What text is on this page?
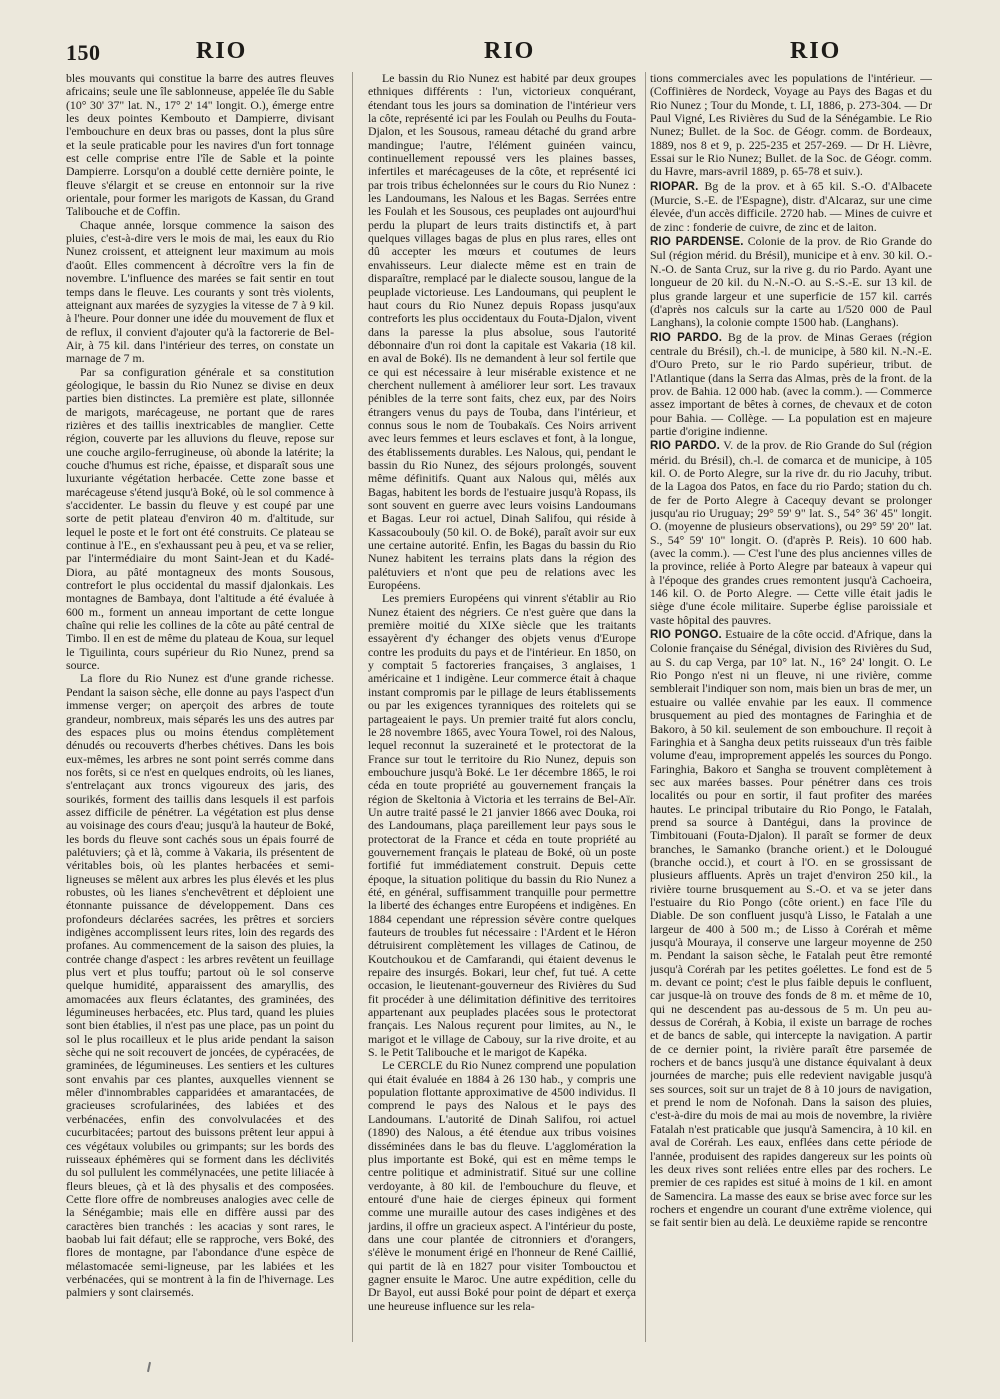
150	RIO	RIO	RIO

bles mouvants qui constitue la barre des autres fleuves africains; seule une île sablonneuse, appelée île du Sable (10° 30' 37" lat. N., 17° 2' 14" longit. O.), émerge entre les deux pointes Kembouto et Dampierre, divisant l'embouchure en deux bras ou passes, dont la plus sûre et la seule praticable pour les navires d'un fort tonnage est celle comprise entre l'île de Sable et la pointe Dampierre. Lorsqu'on a doublé cette dernière pointe, le fleuve s'élargit et se creuse en entonnoir sur la rive orientale, pour former les marigots de Kassan, du Grand Talibouche et de Coffin.

Chaque année, lorsque commence la saison des pluies, c'est-à-dire vers le mois de mai, les eaux du Rio Nunez croissent, et atteignent leur maximum au mois d'août. Elles commencent à décroître vers la fin de novembre. L'influence des marées se fait sentir en tout temps dans le fleuve. Les courants y sont très violents, atteignant aux marées de syzygies la vitesse de 7 à 9 kil. à l'heure. Pour donner une idée du mouvement de flux et de reflux, il convient d'ajouter qu'à la factorerie de Bel-Air, à 75 kil. dans l'intérieur des terres, on constate un marnage de 7 m.

Par sa configuration générale et sa constitution géologique, le bassin du Rio Nunez se divise en deux parties bien distinctes. La première est plate, sillonnée de marigots, marécageuse, ne portant que de rares rizières et des taillis inextricables de manglier. Cette région, couverte par les alluvions du fleuve, repose sur une couche argilo-ferrugineuse, où abonde la latérite; la couche d'humus est riche, épaisse, et disparaît sous une luxuriante végétation herbacée. Cette zone basse et marécageuse s'étend jusqu'à Boké, où le sol commence à s'accidenter. Le bassin du fleuve y est coupé par une sorte de petit plateau d'environ 40 m. d'altitude, sur lequel le poste et le fort ont été construits. Ce plateau se continue à l'E., en s'exhaussant peu à peu, et va se relier, par l'intermédiaire du mont Saint-Jean et du Kadé-Diora, au pâté montagneux des monts Sousous, contrefort le plus occidental du massif djalonkais. Les montagnes de Bambaya, dont l'altitude a été évaluée à 600 m., forment un anneau important de cette longue chaîne qui relie les collines de la côte au pâté central de Timbo. Il en est de même du plateau de Koua, sur lequel le Tiguilinta, cours supérieur du Rio Nunez, prend sa source.

La flore du Rio Nunez est d'une grande richesse. Pendant la saison sèche, elle donne au pays l'aspect d'un immense verger; on aperçoit des arbres de toute grandeur, nombreux, mais séparés les uns des autres par des espaces plus ou moins étendus complètement dénudés ou recouverts d'herbes chétives. Dans les bois eux-mêmes, les arbres ne sont point serrés comme dans nos forêts, si ce n'est en quelques endroits, où les lianes, s'entrelaçant aux troncs vigoureux des jaris, des sourikés, forment des taillis dans lesquels il est parfois assez difficile de pénétrer. La végétation est plus dense au voisinage des cours d'eau; jusqu'à la hauteur de Boké, les bords du fleuve sont cachés sous un épais fourré de palétuviers; çà et là, comme à Vakaria, ils présentent de véritables bois, où les plantes herbacées et semi-ligneuses se mêlent aux arbres les plus élevés et les plus robustes, où les lianes s'enchevêtrent et déploient une étonnante puissance de développement. Dans ces profondeurs déclarées sacrées, les prêtres et sorciers indigènes accomplissent leurs rites, loin des regards des profanes. Au commencement de la saison des pluies, la contrée change d'aspect : les arbres revêtent un feuillage plus vert et plus touffu; partout où le sol conserve quelque humidité, apparaissent des amaryllis, des amomacées aux fleurs éclatantes, des graminées, des légumineuses herbacées, etc. Plus tard, quand les pluies sont bien établies, il n'est pas une place, pas un point du sol le plus rocailleux et le plus aride pendant la saison sèche qui ne soit recouvert de joncées, de cypéracées, de graminées, de légumineuses. Les sentiers et les cultures sont envahis par ces plantes, auxquelles viennent se mêler d'innombrables capparidées et amarantacées, de gracieuses scrofularinées, des labiées et des verbénacées, enfin des convolvulacées et des cucurbitacées; partout des buissons prêtent leur appui à ces végétaux volubiles ou grimpants; sur les bords des ruisseaux éphémères qui se forment dans les déclivités du sol pullulent les commélynacées, une petite liliacée à fleurs bleues, çà et là des physalis et des composées. Cette flore offre de nombreuses analogies avec celle de la Sénégambie; mais elle en diffère aussi par des caractères bien tranchés : les acacias y sont rares, le baobab lui fait défaut; elle se rapproche, vers Boké, des flores de montagne, par l'abondance d'une espèce de mélastomacée semi-ligneuse, par les labiées et les verbénacées, qui se montrent à la fin de l'hivernage. Les palmiers y sont clairsemés.

Le bassin du Rio Nunez est habité par deux groupes ethniques différents : l'un, victorieux conquérant, étendant tous les jours sa domination de l'intérieur vers la côte, représenté ici par les Foulah ou Peulhs du Fouta-Djalon, et les Sousous, rameau détaché du grand arbre mandingue; l'autre, l'élément guinéen vaincu, continuellement repoussé vers les plaines basses, infertiles et marécageuses de la côte, et représenté ici par trois tribus échelonnées sur le cours du Rio Nunez : les Landoumans, les Nalous et les Bagas. Serrées entre les Foulah et les Sousous, ces peuplades ont aujourd'hui perdu la plupart de leurs traits distinctifs et, à part quelques villages bagas de plus en plus rares, elles ont dû accepter les mœurs et coutumes de leurs envahisseurs. Leur dialecte même est en train de disparaître, remplacé par le dialecte sousou, langue de la peuplade victorieuse. Les Landoumans, qui peuplent le haut cours du Rio Nunez depuis Ropass jusqu'aux contreforts les plus occidentaux du Fouta-Djalon, vivent dans la paresse la plus absolue, sous l'autorité débonnaire d'un roi dont la capitale est Vakaria (18 kil. en aval de Boké). Ils ne demandent à leur sol fertile que ce qui est nécessaire à leur misérable existence et ne cherchent nullement à améliorer leur sort. Les travaux pénibles de la terre sont faits, chez eux, par des Noirs étrangers venus du pays de Touba, dans l'intérieur, et connus sous le nom de Toubakaïs. Ces Noirs arrivent avec leurs femmes et leurs esclaves et font, à la longue, des établissements durables. Les Nalous, qui, pendant le bassin du Rio Nunez, des séjours prolongés, souvent même définitifs. Quant aux Nalous qui, mêlés aux Bagas, habitent les bords de l'estuaire jusqu'à Ropass, ils sont souvent en guerre avec leurs voisins Landoumans et Bagas. Leur roi actuel, Dinah Salifou, qui réside à Kassacoubouly (50 kil. O. de Boké), paraît avoir sur eux une certaine autorité. Enfin, les Bagas du bassin du Rio Nunez habitent les terrains plats dans la région des palétuviers et n'ont que peu de relations avec les Européens.

Les premiers Européens qui vinrent s'établir au Rio Nunez étaient des négriers. Ce n'est guère que dans la première moitié du XIXe siècle que les traitants essayèrent d'y échanger des objets venus d'Europe contre les produits du pays et de l'intérieur. En 1850, on y comptait 5 factoreries françaises, 3 anglaises, 1 américaine et 1 indigène. Leur commerce était à chaque instant compromis par le pillage de leurs établissements ou par les exigences tyranniques des roitelets qui se partageaient le pays. Un premier traité fut alors conclu, le 28 novembre 1865, avec Youra Towel, roi des Nalous, lequel reconnut la suzeraineté et le protectorat de la France sur tout le territoire du Rio Nunez, depuis son embouchure jusqu'à Boké. Le 1er décembre 1865, le roi céda en toute propriété au gouvernement français la région de Skeltonia à Victoria et les terrains de Bel-Aïr. Un autre traité passé le 21 janvier 1866 avec Douka, roi des Landoumans, plaça pareillement leur pays sous le protectorat de la France et céda en toute propriété au gouvernement français le plateau de Boké, où un poste fortifié fut immédiatement construit. Depuis cette époque, la situation politique du bassin du Rio Nunez a été, en général, suffisamment tranquille pour permettre la liberté des échanges entre Européens et indigènes. En 1884 cependant une répression sévère contre quelques fauteurs de troubles fut nécessaire : l'Ardent et le Héron détruisirent complètement les villages de Catinou, de Koutchoukou et de Camfarandi, qui étaient devenus le repaire des insurgés. Bokari, leur chef, fut tué. A cette occasion, le lieutenant-gouverneur des Rivières du Sud fit procéder à une délimitation définitive des territoires appartenant aux peuplades placées sous le protectorat français. Les Nalous reçurent pour limites, au N., le marigot et le village de Cabouy, sur la rive droite, et au S. le Petit Talibouche et le marigot de Kapéka.

Le CERCLE du Rio Nunez comprend une population qui était évaluée en 1884 à 26 130 hab., y compris une population flottante approximative de 4500 individus. Il comprend le pays des Nalous et le pays des Landoumans. L'autorité de Dinah Salifou, roi actuel (1890) des Nalous, a été étendue aux tribus voisines disséminées dans le bas du fleuve. L'agglomération la plus importante est Boké, qui est en même temps le centre politique et administratif. Situé sur une colline verdoyante, à 80 kil. de l'embouchure du fleuve, et entouré d'une haie de cierges épineux qui forment comme une muraille autour des cases indigènes et des jardins, il offre un gracieux aspect. A l'intérieur du poste, dans une cour plantée de citronniers et d'orangers, s'élève le monument érigé en l'honneur de René Caillié, qui partit de là en 1827 pour visiter Tombouctou et gagner ensuite le Maroc. Une autre expédition, celle du Dr Bayol, eut aussi Boké pour point de départ et exerça une heureuse influence sur les rela-

tions commerciales avec les populations de l'intérieur. — (Coffinières de Nordeck, Voyage au Pays des Bagas et du Rio Nunez ; Tour du Monde, t. LI, 1886, p. 273-304. — Dr Paul Vigné, Les Rivières du Sud de la Sénégambie. Le Rio Nunez; Bullet. de la Soc. de Géogr. comm. de Bordeaux, 1889, nos 8 et 9, p. 225-235 et 257-269. — Dr H. Lièvre, Essai sur le Rio Nunez; Bullet. de la Soc. de Géogr. comm. du Havre, mars-avril 1889, p. 65-78 et suiv.).

RIOPAR. Bg de la prov. et à 65 kil. S.-O. d'Albacete (Murcie, S.-E. de l'Espagne), distr. d'Alcaraz, sur une cime élevée, d'un accès difficile. 2720 hab. — Mines de cuivre et de zinc : fonderie de cuivre, de zinc et de laiton.

RIO PARDENSE. Colonie de la prov. de Rio Grande do Sul (région mérid. du Brésil), municipe et à env. 30 kil. O.-N.-O. de Santa Cruz, sur la rive g. du rio Pardo. Ayant une longueur de 20 kil. du N.-N.-O. au S.-S.-E. sur 13 kil. de plus grande largeur et une superficie de 157 kil. carrés (d'après nos calculs sur la carte au 1/520 000 de Paul Langhans), la colonie compte 1500 hab. (Langhans).

RIO PARDO. Bg de la prov. de Minas Geraes (région centrale du Brésil), ch.-l. de municipe, à 580 kil. N.-N.-E. d'Ouro Preto, sur le rio Pardo supérieur, tribut. de l'Atlantique (dans la Serra das Almas, près de la front. de la prov. de Bahia. 12 000 hab. (avec la comm.). — Commerce assez important de bêtes à cornes, de chevaux et de coton pour Bahia. — Collège. — La population est en majeure partie d'origine indienne.

RIO PARDO. V. de la prov. de Rio Grande do Sul (région mérid. du Brésil), ch.-l. de comarca et de municipe, à 105 kil. O. de Porto Alegre, sur la rive dr. du rio Jacuhy, tribut. de la Lagoa dos Patos, en face du rio Pardo; station du ch. de fer de Porto Alegre à Cacequy devant se prolonger jusqu'au rio Uruguay; 29° 59' 9" lat. S., 54° 36' 45" longit. O. (moyenne de plusieurs observations), ou 29° 59' 20" lat. S., 54° 59' 10" longit. O. (d'après P. Reis). 10 600 hab. (avec la comm.). — C'est l'une des plus anciennes villes de la province, reliée à Porto Alegre par bateaux à vapeur qui à l'époque des grandes crues remontent jusqu'à Cachoeira, 146 kil. O. de Porto Alegre. — Cette ville était jadis le siège d'une école militaire. Superbe église paroissiale et vaste hôpital des pauvres.

RIO PONGO. Estuaire de la côte occid. d'Afrique, dans la Colonie française du Sénégal, division des Rivières du Sud, au S. du cap Verga, par 10° lat. N., 16° 24' longit. O. Le Rio Pongo n'est ni un fleuve, ni une rivière, comme semblerait l'indiquer son nom, mais bien un bras de mer, un estuaire ou vallée envahie par les eaux. Il commence brusquement au pied des montagnes de Faringhia et de Bakoro, à 50 kil. seulement de son embouchure. Il reçoit à Faringhia et à Sangha deux petits ruisseaux d'un très faible volume d'eau, improprement appelés les sources du Pongo. Faringhia, Bakoro et Sangha se trouvent complètement à sec aux marées basses. Pour pénétrer dans ces trois localités ou pour en sortir, il faut profiter des marées hautes. Le principal tributaire du Rio Pongo, le Fatalah, prend sa source à Dantégui, dans la province de Timbitouani (Fouta-Djalon). Il paraît se former de deux branches, le Samanko (branche orient.) et le Dolougué (branche occid.), et court à l'O. en se grossissant de plusieurs affluents. Après un trajet d'environ 250 kil., la rivière tourne brusquement au S.-O. et va se jeter dans l'estuaire du Rio Pongo (côte orient.) en face l'île du Diable. De son confluent jusqu'à Lisso, le Fatalah a une largeur de 400 à 500 m.; de Lisso à Corérah et même jusqu'à Mouraya, il conserve une largeur moyenne de 250 m. Pendant la saison sèche, le Fatalah peut être remonté jusqu'à Corérah par les petites goélettes. Le fond est de 5 m. devant ce point; c'est le plus faible depuis le confluent, car jusque-là on trouve des fonds de 8 m. et même de 10, qui ne descendent pas au-dessous de 5 m. Un peu au-dessus de Corérah, à Kobia, il existe un barrage de roches et de bancs de sable, qui intercepte la navigation. A partir de ce dernier point, la rivière paraît être parsemée de rochers et de bancs jusqu'à une distance équivalant à deux journées de marche; puis elle redevient navigable jusqu'à ses sources, soit sur un trajet de 8 à 10 jours de navigation, et prend le nom de Nofonah. Dans la saison des pluies, c'est-à-dire du mois de mai au mois de novembre, la rivière Fatalah n'est praticable que jusqu'à Samencira, à 10 kil. en aval de Corérah. Les eaux, enflées dans cette période de l'année, produisent des rapides dangereux sur les points où les deux rives sont reliées entre elles par des rochers. Le premier de ces rapides est situé à moins de 1 kil. en amont de Samencira. La masse des eaux se brise avec force sur les rochers et engendre un courant d'une extrême violence, qui se fait sentir bien au delà. Le deuxième rapide se rencontre
